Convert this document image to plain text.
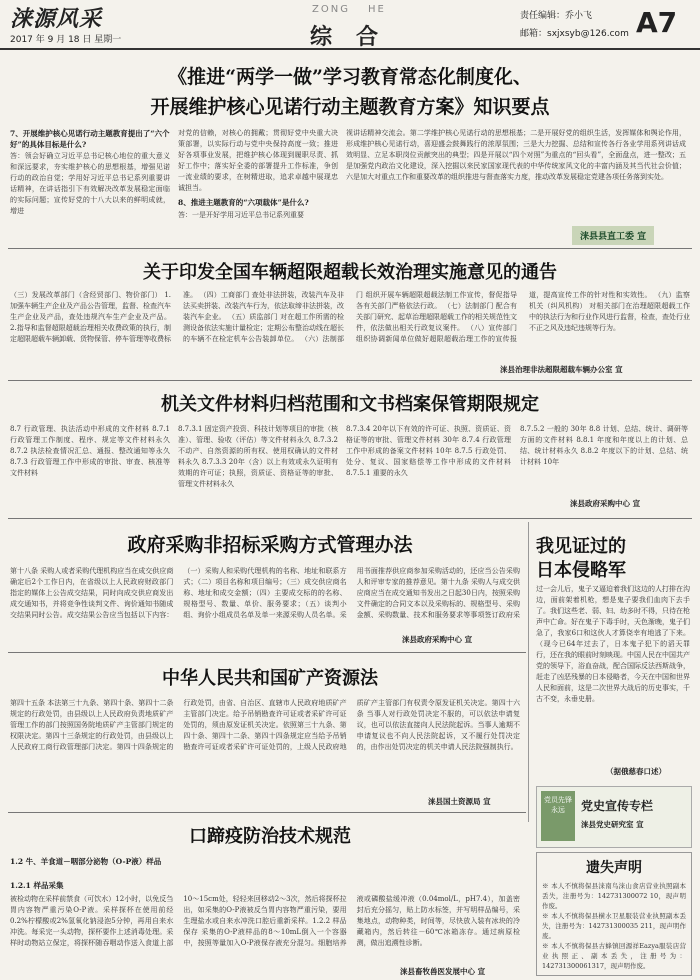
涞源风采
2017 年 9 月 18 日 星期一
ZONG HE
综合
责任编辑：乔小飞
邮箱：sxjxsyb@126.com A7
《推进“两学一做”学习教育常态化制度化、
开展维护核心见诺行动主题教育方案》知识要点
7、开展维护核心见诺行动主题教育提出了“六个好”的具体目标是什么?
答：领会好确立习近平总书记核心地位的重大意义和深远要求，夯实维护核心的思想根基，增强见诺行动的政治自觉；学用好习近平总书记系列重要讲话精神，在讲话指引下有效解决改革发展稳定面临的实际问题；宣传好党的十八大以来的鲜明成就，增进
对党的信赖，对核心的拥戴；贯彻好党中央重大决策部署，以实际行动与党中央保持高度一致；推进好各项事业发展，把维护核心体现到履职尽责、抓好工作中；落实好全委的部署提升工作标准，争创一流业绩的要求，在树精进取，追求卓越中展现忠诚担当。
8、推进主题教育的“六项载体”是什么?
答：一是开好学用习近平总书记系列重要
视讲话精神交流会。第二学维护核心见诺行动的思想根基；二是开展好党的组织生活，发挥媒体和舆论作用，形成维护核心见诺行动，喜迎盛会鼓舞践行的浓厚氛围；三是大力挖掘、总结和宣传各行各业学用系列讲话成效明显、立足本职岗位贡献突出的典型；四是开展以“四个对照”为重点的“回头看”，全面盘点，进一整改；五是加强党内政治文化建设，深入挖掘以来民家国家现代表的中华传统家风文化的丰富内涵及其当代社会价值；六是加大对重点工作和重要改革的组织推进与督查落实力度，推动改革发展稳定党建各项任务落到实处。
涞县县直工委 宣
关于印发全国车辆超限超载长效治理实施意见的通告
（三）发展改革部门（含经贸部门、物价部门） 1.加强车辆生产企业及产品公告管理，监督、检查汽车生产企业及产品，查处违规汽车生产企业及产品。 2.指导和监督超限超载治理相关收费政策的执行，制定超限超载车辆卸载、货物保管、停车管理等收费标准。 （四）工商部门 查处非法拼装，改装汽车及非法买卖拼装、改装汽车行为，依法取缔非法拼装，改装汽车企业。 （五）质监部门 对在超工作所需的检测设备依法实施计量检定；定期公布整治动线在超长的车辆不在检定机车公告装卸单位。 （六）法制部门 组织开展车辆超限超载法制工作宣传，督促指导各有关部门严格依法行政。 （七）法制部门 配合有关部门研究、起草治理超限超载工作的相关规范性文件，依法做出相关行政复议案件。 （八）宣传部门 组织协调新闻单位做好超限超载治理工作的宣传报道，提高宣传工作的针对性和实效性。 （九）监察机关（纠风机构） 对相关部门在治理超限超载工作中的执法行为和行业作风进行监督，检查，查处行业不正之风及违纪违规等行为。
涞县治理非法超限超载车辆办公室 宣
机关文件材料归档范围和文书档案保管期限规定
8.7 行政管理、执法活动中形成的文件材料 8.7.1 行政管理工作制度、程序、规定等文件材料永久 8.7.2 执法检查情况汇总、通报、整改通知等永久 8.7.3 行政管理工作中形成的审批、审查、核准等文件材料
8.7.3.1 固定资产投资、科技计划等项目的审批（核准）、管理、验收（评估）等文件材料永久 8.7.3.2 不动产、自然资源的所有权、使用权确认的文件材料永久 8.7.3.3 20年（含）以上有效或永久证明有效期的许可证；执照，资质证、资格证等的审批、管理文件材料永久
8.7.3.4 20年以下有效的许可证、执照、资质证、资格证等的审批、管理文件材料 30年 8.7.4 行政管理工作中形成的备案文件材料 10年 8.7.5 行政处罚、处分、复议、国家赔偿等工作中形成的文件材料 8.7.5.1 重要的永久
8.7.5.2 一般的 30年 8.8 计划、总结、统计、调研等方面的文件材料 8.8.1 年度和年度以上的计划、总结、统计材料永久 8.8.2 年度以下的计划、总结、统计材料 10年
涞县政府采购中心 宣
政府采购非招标采购方式管理办法
第十八条 采购人或者采购代理机构应当在成交供应商确定后2个工作日内，在省级以上人民政府财政部门指定的媒体上公告成交结果，同时向成交供应商发出成交通知书，并将竞争性谈判文件、询价通知书随成交结果同时公告。成交结果公告应当包括以下内容：（一）采购人和采购代理机构的名称、地址和联系方式；（二）项目名称和项目编号；（三）成交供应商名称、地址和成交金额；（四）主要成交标的的名称、规格型号、数量、单价、服务要求；（五）谈判小组、询价小组成员名单及单一来源采购人员名单。采用书面推荐供应商参加采购活动的，还应当公告采购人和评审专家的推荐意见。第十九条 采购人与成交供应商应当在成交通知书发出之日起30日内，按照采购文件确定的合同文本以及采购标的、规格型号、采购金额、采购数量、技术和服务要求等事项签订政府采
涞县政府采购中心 宣
我见证过的
日本侵略军
过一会儿后，鬼子又逼迫着我们这边的人打排在沟边，面前架着机枪，想是鬼子要我们血肉下去手了。我们这些老、弱、妇、幼多时不得，只待在枪声中亡命。好在鬼子下毒手时，天色渐晚，鬼子们急了，我家6口和这伙人才算侥幸有地逃了下来。 （现今已64年过去了，日本鬼子犯下的滔天罪行，还在我的眼前时刻映现。中国人民在中国共产党的领导下，浴血奋战，配合国际反法西斯战争，赶走了凶恶残暴的日本侵略者，今天在中国和世界人民和面前，这是二次世界大战后的历史事实，千古不变，永垂史册。
（据俄慈春口述）
中华人民共和国矿产资源法
第四十五条 本法第三十九条、第四十条、第四十二条规定的行政处罚，由县级以上人民政府负责地质矿产管理工作的部门按照国务院地质矿产主管部门规定的权限决定。第四十三条规定的行政处罚，由县级以上人民政府工商行政管理部门决定。第四十四条规定的行政处罚，由省、自治区、直辖市人民政府地质矿产主管部门决定。给予吊销勘查许可证或者采矿许可证处罚的，须由原发证机关决定。依照第三十九条、第四十条、第四十二条、第四十四条规定应当给予吊销勘查许可证或者采矿许可证处罚的，上级人民政府地质矿产主管部门有权责令原发证机关决定。第四十六条 当事人对行政处罚决定不服的，可以依法申请复议，也可以依法直接向人民法院起诉。当事人逾期不申请复议也不向人民法院起诉，又不履行处罚决定的，由作出处罚决定的机关申请人民法院强制执行。
涞县国土资源局 宣	党员先锋 永远	党史宣传专栏
涞县党史研究室 宣
口蹄疫防治技术规范
1.2 牛、羊食道－咽部分泌物（O-P液）样品
1.2.1 样品采集
被检动物在采样前禁食（可饮水）12小时，以免反刍胃内容物严重污染O-P液。采样探杯在使用前经0.2%柠檬酸或2%氢氧化钠浸泡5分钟，再用自来水冲洗。每采完一头动物，探杯要作上述消毒处理。采样时动物站立保定，将探杯随吞咽动作送入食道上部10～15cm处，轻轻来回移动2～3次，然后将探杯拉出，如采集的O-P液被反刍胃内容物严重污染，要用生理盐水或自来水冲洗口腔后重新采样。1.2.2 样品保存 采集的O-P液样品的8～10mL倒入一个容器中，按照等量加入O-P液保存液充分混匀。细胞培养液或磷酸盐缓冲液（0.04mol/L，pH7.4），加盖密封后充分摇匀，贴上防水标签，并写明样品编号，采集地点，动物种类，时间等，尽快放入装有冰块的冷藏箱内，然后转往－60℃冰箱冻存。通过病原检测，做出追溯性诊断。
涞县畜牧兽医发展中心 宣
遗失声明
※ 本人不慎将保县涞南鸟涞山食店营业执照副本丢失，注册号为：142731300072 10，现声明作废。
※ 本人不慎将保县横水卫星服装营业执照副本丢失，注册号为：142731300035 211，现声明作废。
※ 本人不慎将保县古蜂镇回源祥Eazya服装店营业执照正、副本丢失，注册号为：142731300061317，现声明作废。
